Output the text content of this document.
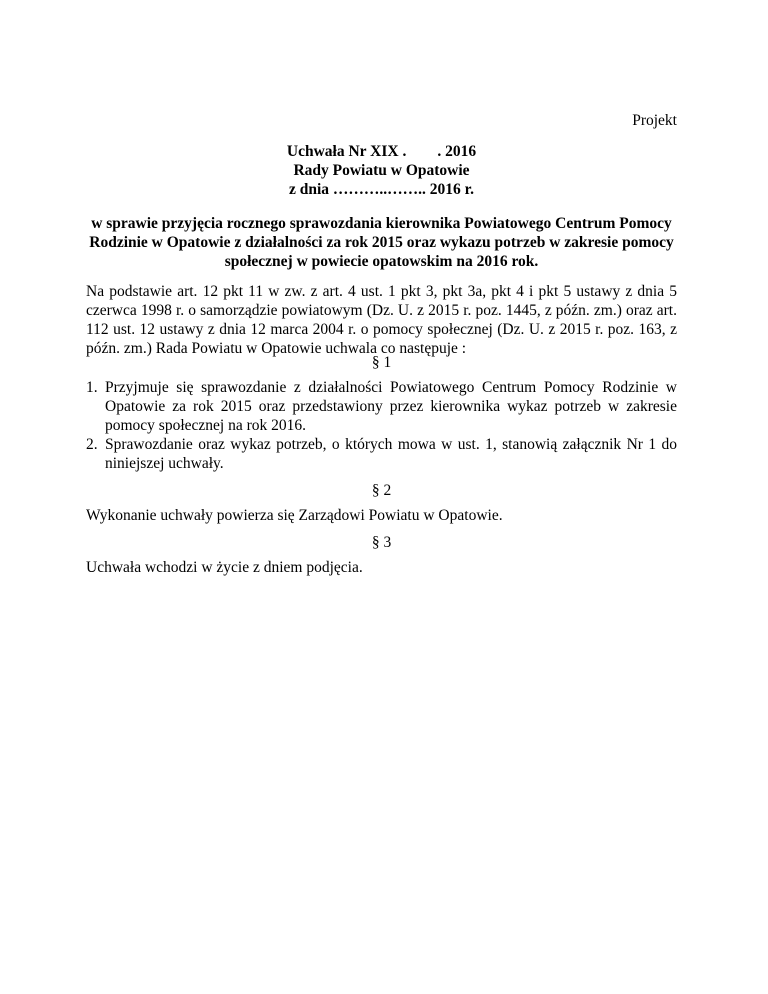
Projekt
Uchwała Nr XIX .        . 2016
Rady Powiatu w Opatowie
z dnia ………..…….. 2016 r.
w sprawie przyjęcia rocznego sprawozdania kierownika Powiatowego Centrum Pomocy Rodzinie w Opatowie z działalności za rok 2015 oraz wykazu potrzeb w zakresie pomocy społecznej w powiecie opatowskim na 2016 rok.
Na podstawie art. 12 pkt 11 w zw. z art. 4 ust. 1 pkt 3, pkt 3a, pkt 4 i pkt 5 ustawy z dnia 5 czerwca 1998 r. o samorządzie powiatowym (Dz. U. z 2015 r. poz. 1445, z późn. zm.) oraz art. 112 ust. 12 ustawy z dnia 12 marca 2004 r. o pomocy społecznej (Dz. U. z 2015 r. poz. 163, z późn. zm.) Rada Powiatu w Opatowie uchwala co następuje :
§ 1
1. Przyjmuje się sprawozdanie z działalności Powiatowego Centrum Pomocy Rodzinie w Opatowie za rok 2015 oraz przedstawiony przez kierownika wykaz potrzeb w zakresie pomocy społecznej na rok 2016.
2. Sprawozdanie oraz wykaz potrzeb, o których mowa w ust. 1, stanowią załącznik Nr 1 do niniejszej uchwały.
§ 2
Wykonanie uchwały powierza się Zarządowi Powiatu w Opatowie.
§ 3
Uchwała wchodzi w życie z dniem podjęcia.
